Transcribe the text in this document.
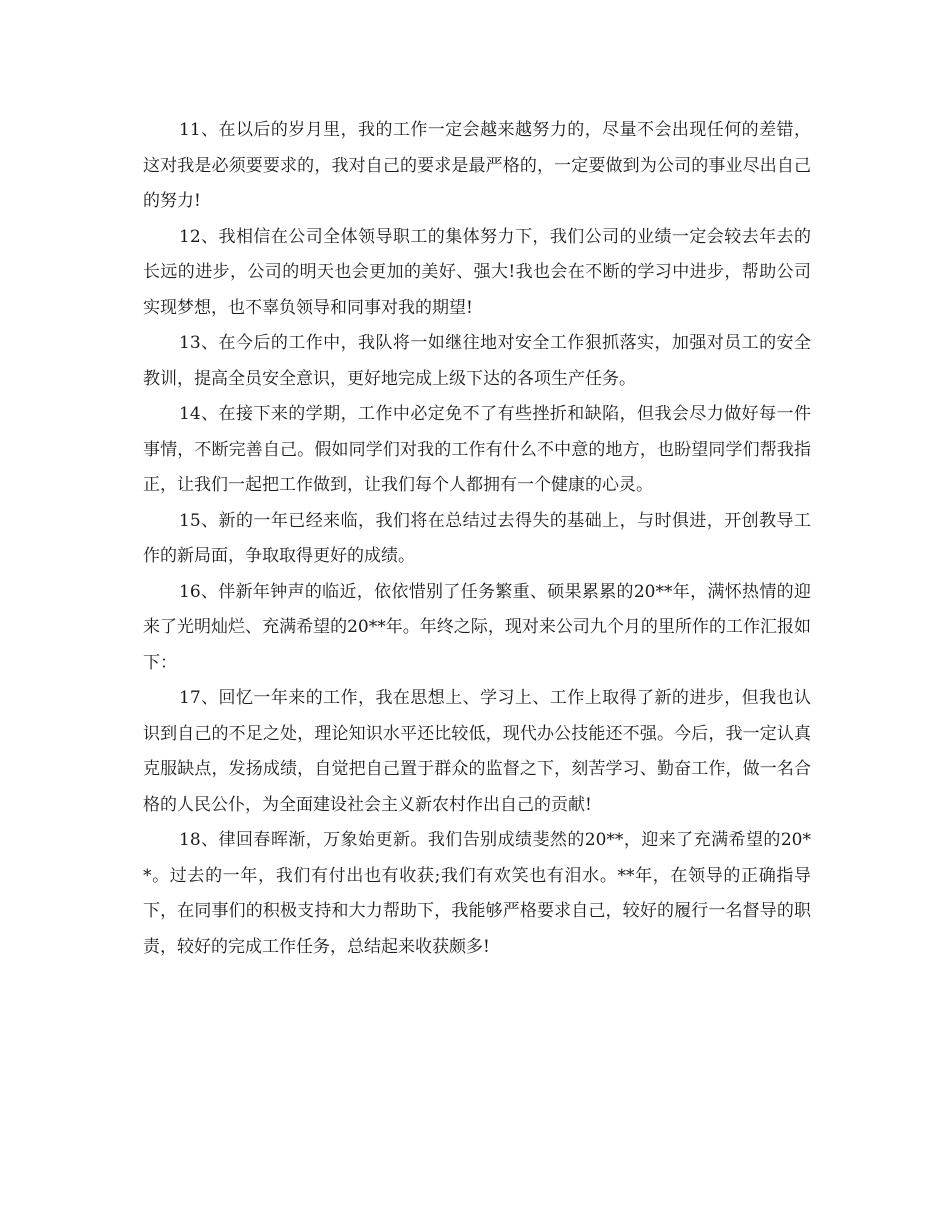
11、在以后的岁月里，我的工作一定会越来越努力的，尽量不会出现任何的差错，这对我是必须要要求的，我对自己的要求是最严格的，一定要做到为公司的事业尽出自己的努力!

12、我相信在公司全体领导职工的集体努力下，我们公司的业绩一定会较去年去的长远的进步，公司的明天也会更加的美好、强大!我也会在不断的学习中进步，帮助公司实现梦想，也不辜负领导和同事对我的期望!

13、在今后的工作中，我队将一如继往地对安全工作狠抓落实，加强对员工的安全教训，提高全员安全意识，更好地完成上级下达的各项生产任务。

14、在接下来的学期，工作中必定免不了有些挫折和缺陷，但我会尽力做好每一件事情，不断完善自己。假如同学们对我的工作有什么不中意的地方，也盼望同学们帮我指正，让我们一起把工作做到，让我们每个人都拥有一个健康的心灵。

15、新的一年已经来临，我们将在总结过去得失的基础上，与时俱进，开创教导工作的新局面，争取取得更好的成绩。

16、伴新年钟声的临近，依依惜别了任务繁重、硕果累累的20**年，满怀热情的迎来了光明灿烂、充满希望的20**年。年终之际，现对来公司九个月的里所作的工作汇报如下：

17、回忆一年来的工作，我在思想上、学习上、工作上取得了新的进步，但我也认识到自己的不足之处，理论知识水平还比较低，现代办公技能还不强。今后，我一定认真克服缺点，发扬成绩，自觉把自己置于群众的监督之下，刻苦学习、勤奋工作，做一名合格的人民公仆，为全面建设社会主义新农村作出自己的贡献!

18、律回春晖渐，万象始更新。我们告别成绩斐然的20**，迎来了充满希望的20**。过去的一年，我们有付出也有收获;我们有欢笑也有泪水。**年，在领导的正确指导下，在同事们的积极支持和大力帮助下，我能够严格要求自己，较好的履行一名督导的职责，较好的完成工作任务，总结起来收获颇多!
